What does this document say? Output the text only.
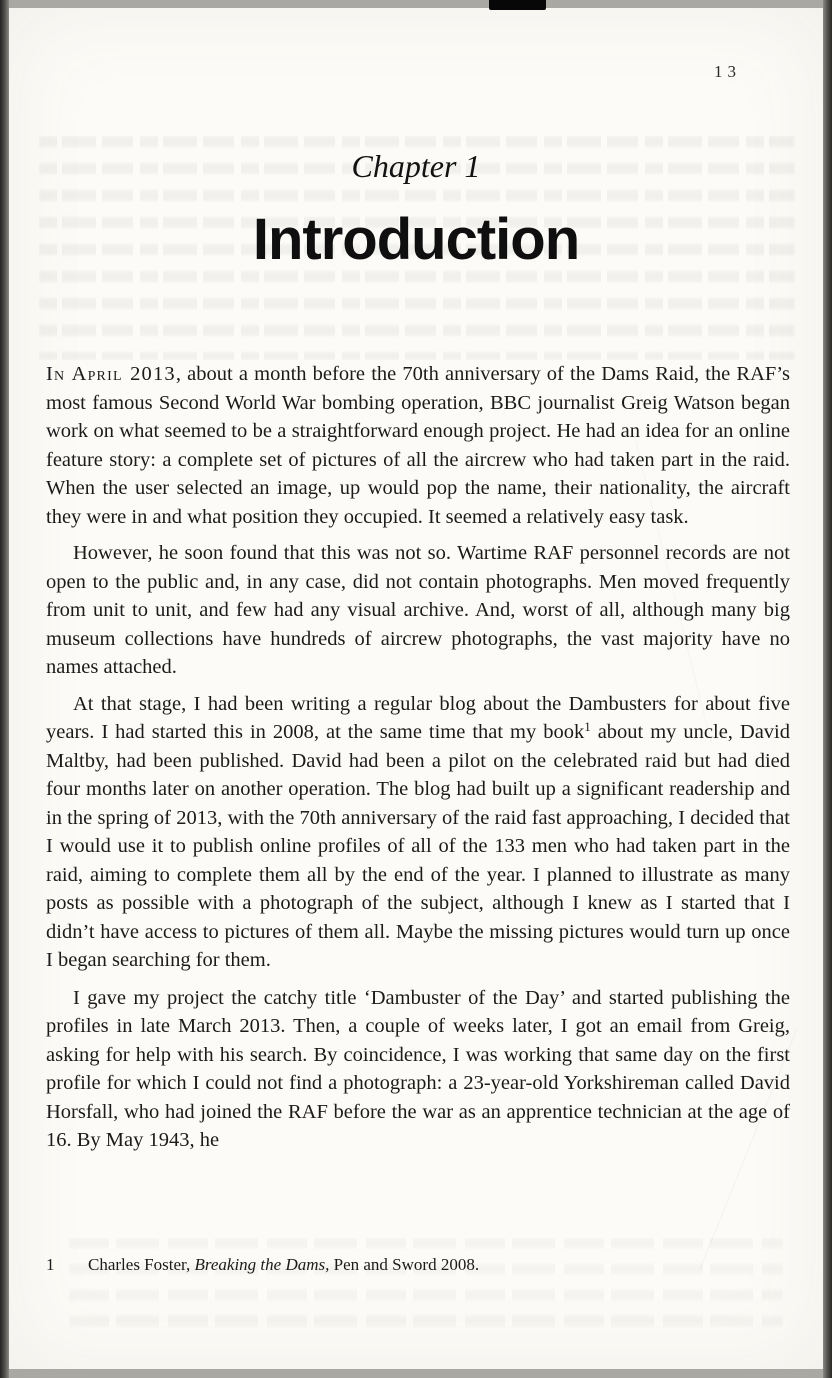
13
Chapter 1
Introduction

In April 2013, about a month before the 70th anniversary of the Dams Raid, the RAF’s most famous Second World War bombing operation, BBC journalist Greig Watson began work on what seemed to be a straightforward enough project. He had an idea for an online feature story: a complete set of pictures of all the aircrew who had taken part in the raid. When the user selected an image, up would pop the name, their nationality, the aircraft they were in and what position they occupied. It seemed a relatively easy task.

However, he soon found that this was not so. Wartime RAF personnel records are not open to the public and, in any case, did not contain photographs. Men moved frequently from unit to unit, and few had any visual archive. And, worst of all, although many big museum collections have hundreds of aircrew photographs, the vast majority have no names attached.

At that stage, I had been writing a regular blog about the Dambusters for about five years. I had started this in 2008, at the same time that my book$^1$ about my uncle, David Maltby, had been published. David had been a pilot on the celebrated raid but had died four months later on another operation. The blog had built up a significant readership and in the spring of 2013, with the 70th anniversary of the raid fast approaching, I decided that I would use it to publish online profiles of all of the 133 men who had taken part in the raid, aiming to complete them all by the end of the year. I planned to illustrate as many posts as possible with a photograph of the subject, although I knew as I started that I didn’t have access to pictures of them all. Maybe the missing pictures would turn up once I began searching for them.

I gave my project the catchy title ‘Dambuster of the Day’ and started publishing the profiles in late March 2013. Then, a couple of weeks later, I got an email from Greig, asking for help with his search. By coincidence, I was working that same day on the first profile for which I could not find a photograph: a 23-year-old Yorkshireman called David Horsfall, who had joined the RAF before the war as an apprentice technician at the age of 16. By May 1943, he

1 Charles Foster, Breaking the Dams, Pen and Sword 2008.
